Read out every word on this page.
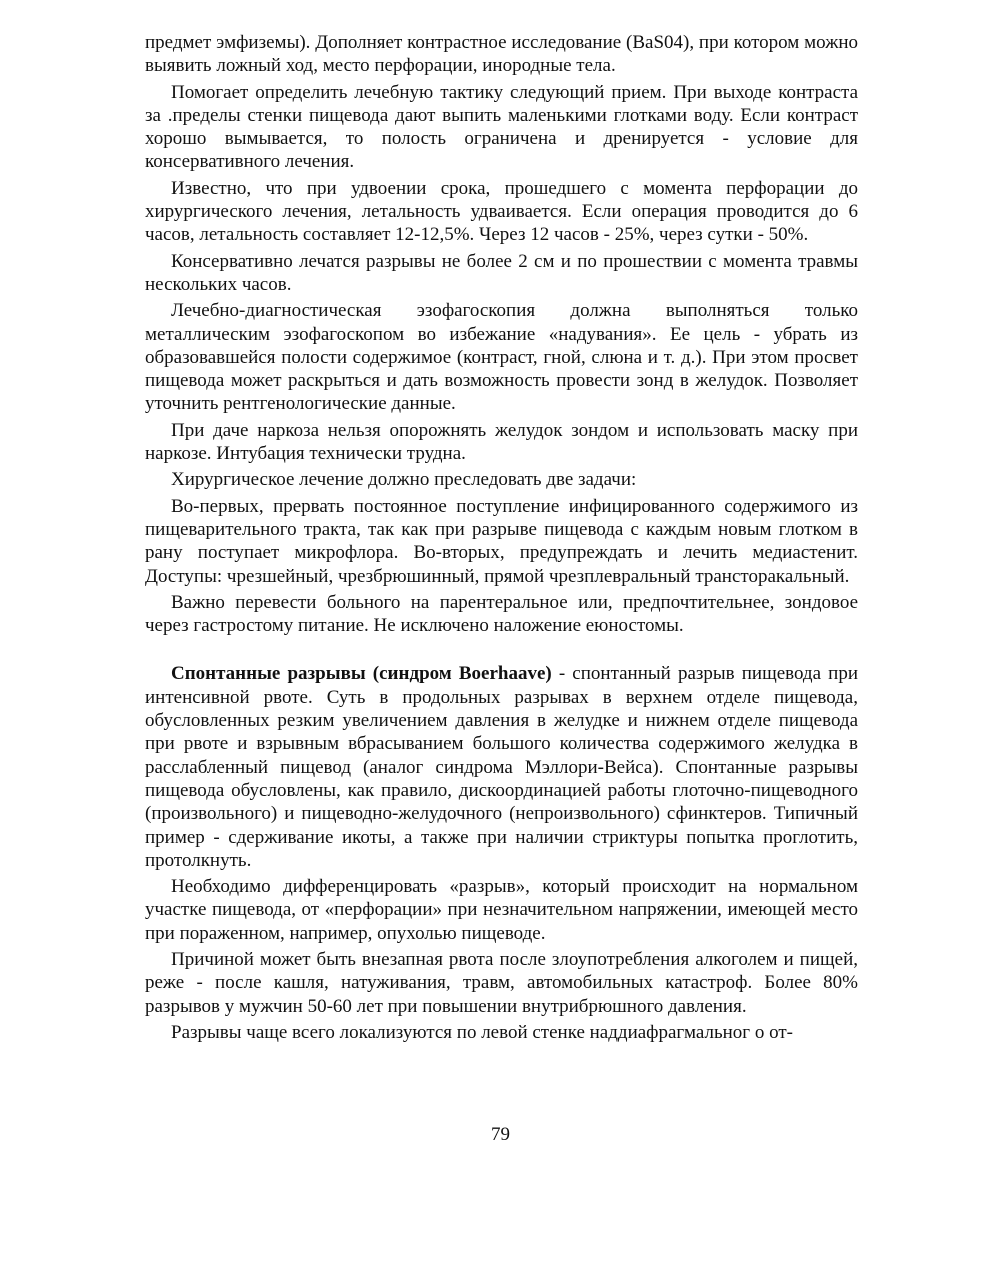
предмет эмфиземы). Дополняет контрастное исследование (BaS04), при котором можно выявить ложный ход, место перфорации, инородные тела.

Помогает определить лечебную тактику следующий прием. При выходе контраста за .пределы стенки пищевода дают выпить маленькими глотками воду. Если контраст хорошо вымывается, то полость ограничена и дренируется - условие для консервативного лечения.

Известно, что при удвоении срока, прошедшего с момента перфорации до хирургического лечения, летальность удваивается. Если операция проводится до 6 часов, летальность составляет 12-12,5%. Через 12 часов - 25%, через сутки - 50%.

Консервативно лечатся разрывы не более 2 см и по прошествии с момента травмы нескольких часов.

Лечебно-диагностическая эзофагоскопия должна выполняться только металлическим эзофагоскопом во избежание «надувания». Ее цель - убрать из образовавшейся полости содержимое (контраст, гной, слюна и т. д.). При этом просвет пищевода может раскрыться и дать возможность провести зонд в желудок. Позволяет уточнить рентгенологические данные.

При даче наркоза нельзя опорожнять желудок зондом и использовать маску при наркозе. Интубация технически трудна.

Хирургическое лечение должно преследовать две задачи:

Во-первых, прервать постоянное поступление инфицированного содержимого из пищеварительного тракта, так как при разрыве пищевода с каждым новым глотком в рану поступает микрофлора. Во-вторых, предупреждать и лечить медиастенит. Доступы: чрезшейный, чрезбрюшинный, прямой чрезплевральный трансторакальный.

Важно перевести больного на парентеральное или, предпочтительнее, зондовое через гастростому питание. Не исключено наложение еюностомы.

Спонтанные разрывы (синдром Boerhaave) - спонтанный разрыв пищевода при интенсивной рвоте. Суть в продольных разрывах в верхнем отделе пищевода, обусловленных резким увеличением давления в желудке и нижнем отделе пищевода при рвоте и взрывным вбрасыванием большого количества содержимого желудка в расслабленный пищевод (аналог синдрома Мэллори-Вейса). Спонтанные разрывы пищевода обусловлены, как правило, дискоординацией работы глоточно-пищеводного (произвольного) и пищеводно-желудочного (непроизвольного) сфинктеров. Типичный пример - сдерживание икоты, а также при наличии стриктуры попытка проглотить, протолкнуть.

Необходимо дифференцировать «разрыв», который происходит на нормальном участке пищевода, от «перфорации» при незначительном напряжении, имеющей место при пораженном, например, опухолью пищеводе.

Причиной может быть внезапная рвота после злоупотребления алкоголем и пищей, реже - после кашля, натуживания, травм, автомобильных катастроф. Более 80% разрывов у мужчин 50-60 лет при повышении внутрибрюшного давления.

Разрывы чаще всего локализуются по левой стенке наддиафрагмальног о от-

79
